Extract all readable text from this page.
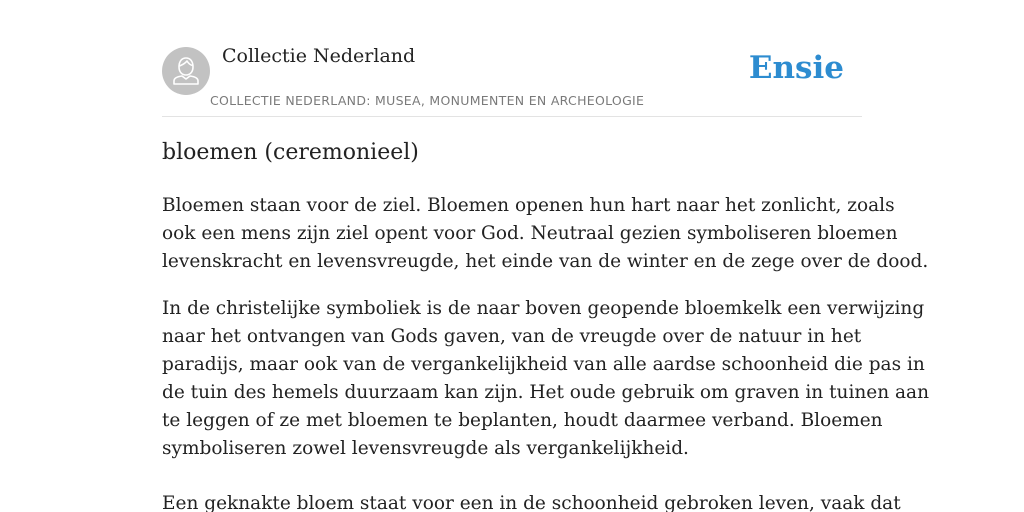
Collectie Nederland
COLLECTIE NEDERLAND: MUSEA, MONUMENTEN EN ARCHEOLOGIE
Ensie
bloemen (ceremonieel)

Bloemen staan voor de ziel. Bloemen openen hun hart naar het zonlicht, zoals
ook een mens zijn ziel opent voor God. Neutraal gezien symboliseren bloemen
levenskracht en levensvreugde, het einde van de winter en de zege over de dood.

In de christelijke symboliek is de naar boven geopende bloemkelk een verwijzing
naar het ontvangen van Gods gaven, van de vreugde over de natuur in het
paradijs, maar ook van de vergankelijkheid van alle aardse schoonheid die pas in
de tuin des hemels duurzaam kan zijn. Het oude gebruik om graven in tuinen aan
te leggen of ze met bloemen te beplanten, houdt daarmee verband. Bloemen
symboliseren zowel levensvreugde als vergankelijkheid.

Een geknakte bloem staat voor een in de schoonheid gebroken leven, vaak dat
